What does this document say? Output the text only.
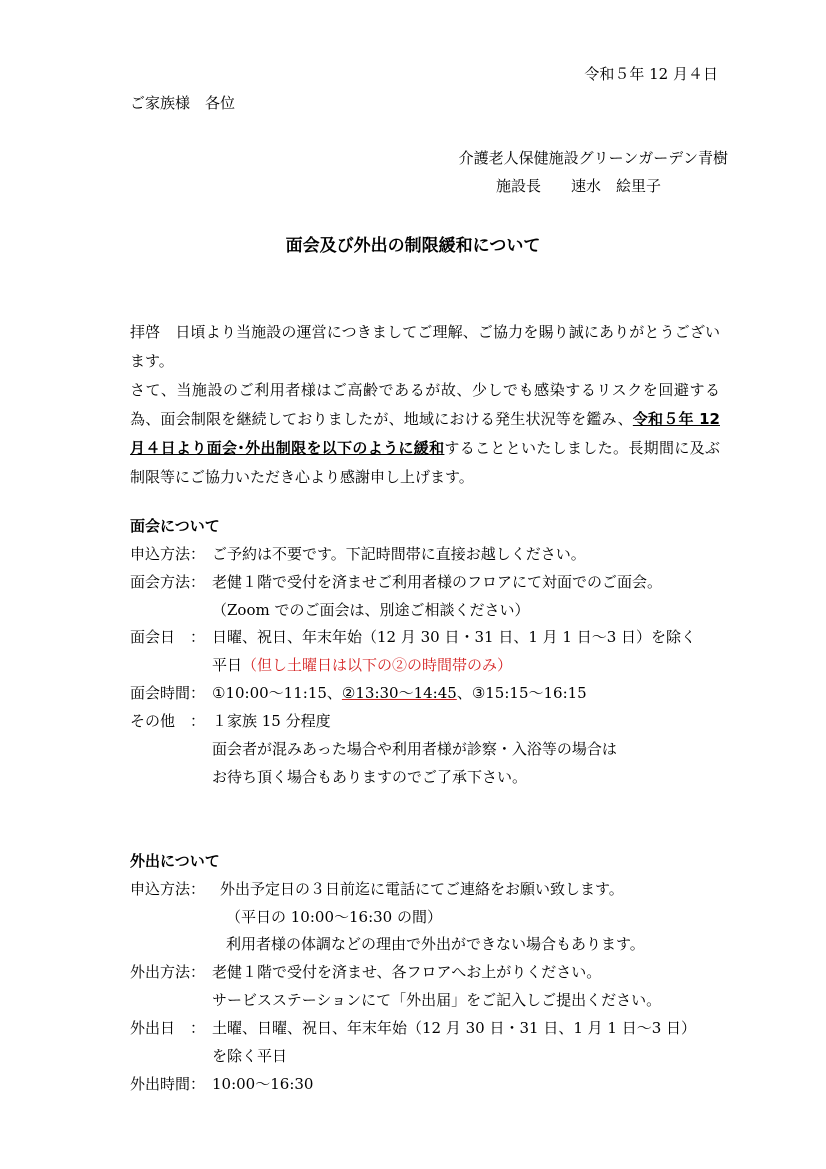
令和５年 12 月４日
ご家族様　各位
介護老人保健施設グリーンガーデン青樹
施設長　　速水　絵里子
面会及び外出の制限緩和について

拝啓　日頃より当施設の運営につきましてご理解、ご協力を賜り誠にありがとうございます。

さて、当施設のご利用者様はご高齢であるが故、少しでも感染するリスクを回避する為、面会制限を継続しておりましたが、地域における発生状況等を鑑み、令和５年 12 月４日より面会･外出制限を以下のように緩和することといたしました。長期間に及ぶ制限等にご協力いただき心より感謝申し上げます。

面会について
申込方法： ご予約は不要です。下記時間帯に直接お越しください。
面会方法： 老健１階で受付を済ませご利用者様のフロアにて対面でのご面会。
（Zoom でのご面会は、別途ご相談ください）
面会日　： 日曜、祝日、年末年始（12 月 30 日・31 日、1 月 1 日～3 日）を除く
平日（但し土曜日は以下の②の時間帯のみ）
面会時間： ①10:00～11:15、②13:30～14:45、③15:15～16:15
その他　： １家族 15 分程度
面会者が混みあった場合や利用者様が診察・入浴等の場合は
お待ち頂く場合もありますのでご了承下さい。
外出について
申込方法： 外出予定日の３日前迄に電話にてご連絡をお願い致します。
（平日の 10:00～16:30 の間）
利用者様の体調などの理由で外出ができない場合もあります。
外出方法： 老健１階で受付を済ませ、各フロアへお上がりください。
サービスステーションにて「外出届」をご記入しご提出ください。
外出日　： 土曜、日曜、祝日、年末年始（12 月 30 日・31 日、1 月 1 日～3 日）
を除く平日
外出時間： 10:00～16:30
